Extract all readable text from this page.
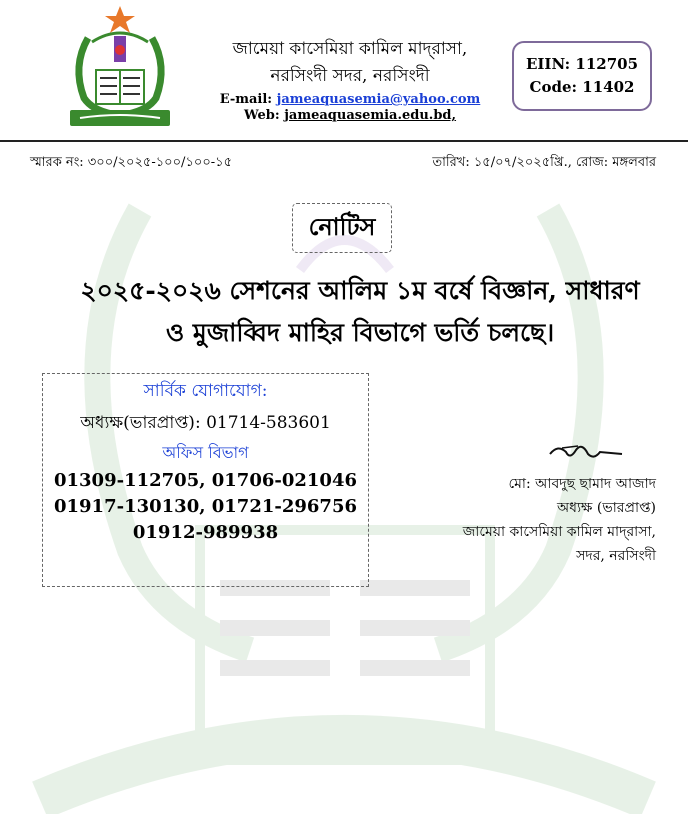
জামেয়া কাসেমিয়া কামিল মাদ্‌রাসা,
নরসিংদী সদর, নরসিংদী
E-mail: jameaquasemia@yahoo.com
Web: jameaquasemia.edu.bd,
EIIN: 112705
Code: 11402
স্মারক নং: ৩০০/২০২৫-১০০/১০০-১৫	তারিখ: ১৫/০৭/২০২৫খ্রি., রোজ: মঙ্গলবার
নোটিস
২০২৫-২০২৬ সেশনের আলিম ১ম বর্ষে বিজ্ঞান, সাধারণ
ও মুজাব্বিদ মাহির বিভাগে ভর্তি চলছে।
সার্বিক যোগাযোগ:
অধ্যক্ষ(ভারপ্রাপ্ত): 01714-583601
অফিস বিভাগ
01309-112705, 01706-021046
01917-130130, 01721-296756
01912-989938
মো: আবদুছ ছামাদ আজাদ
অধ্যক্ষ (ভারপ্রাপ্ত)
জামেয়া কাসেমিয়া কামিল মাদ্‌রাসা,
সদর, নরসিংদী
